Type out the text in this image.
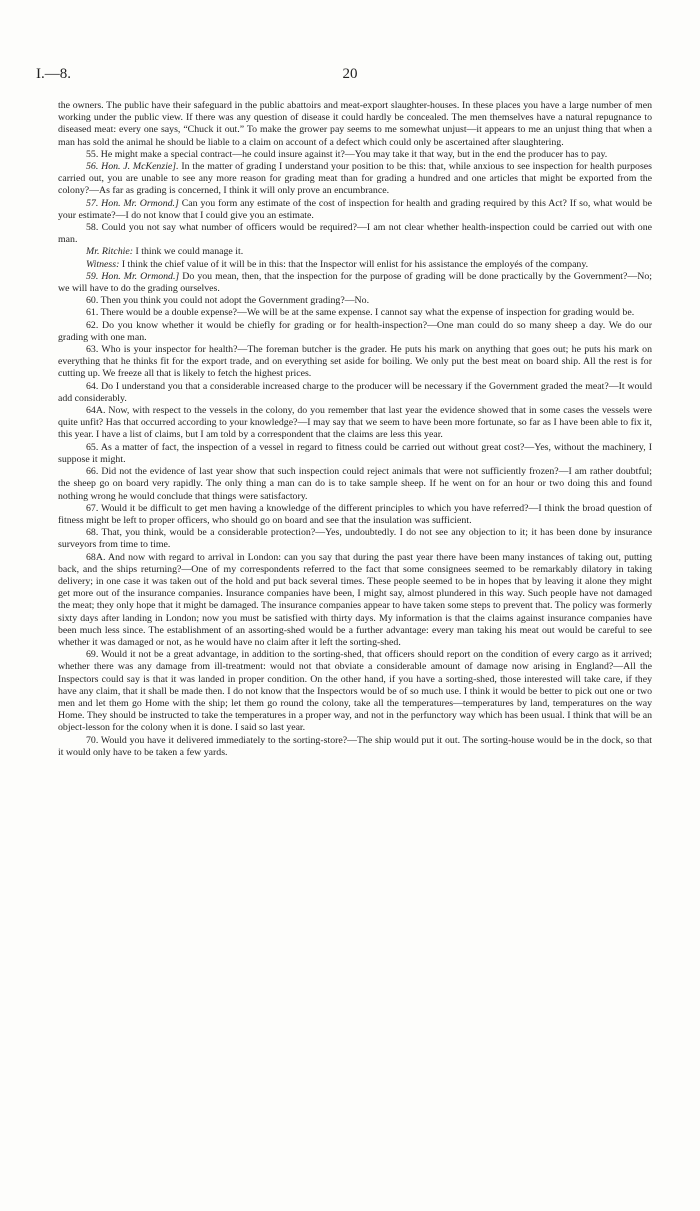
I.—8.	20

the owners. The public have their safeguard in the public abattoirs and meat-export slaughter-houses. In these places you have a large number of men working under the public view. If there was any question of disease it could hardly be concealed. The men themselves have a natural repugnance to diseased meat: every one says, “Chuck it out.” To make the grower pay seems to me somewhat unjust—it appears to me an unjust thing that when a man has sold the animal he should be liable to a claim on account of a defect which could only be ascertained after slaughtering.

55. He might make a special contract—he could insure against it?—You may take it that way, but in the end the producer has to pay.

56. Hon. J. McKenzie]. In the matter of grading I understand your position to be this: that, while anxious to see inspection for health purposes carried out, you are unable to see any more reason for grading meat than for grading a hundred and one articles that might be exported from the colony?—As far as grading is concerned, I think it will only prove an encumbrance.

57. Hon. Mr. Ormond.] Can you form any estimate of the cost of inspection for health and grading required by this Act? If so, what would be your estimate?—I do not know that I could give you an estimate.

58. Could you not say what number of officers would be required?—I am not clear whether health-inspection could be carried out with one man.

Mr. Ritchie: I think we could manage it.

Witness: I think the chief value of it will be in this: that the Inspector will enlist for his assistance the employés of the company.

59. Hon. Mr. Ormond.] Do you mean, then, that the inspection for the purpose of grading will be done practically by the Government?—No; we will have to do the grading ourselves.

60. Then you think you could not adopt the Government grading?—No.

61. There would be a double expense?—We will be at the same expense. I cannot say what the expense of inspection for grading would be.

62. Do you know whether it would be chiefly for grading or for health-inspection?—One man could do so many sheep a day. We do our grading with one man.

63. Who is your inspector for health?—The foreman butcher is the grader. He puts his mark on anything that goes out; he puts his mark on everything that he thinks fit for the export trade, and on everything set aside for boiling. We only put the best meat on board ship. All the rest is for cutting up. We freeze all that is likely to fetch the highest prices.

64. Do I understand you that a considerable increased charge to the producer will be necessary if the Government graded the meat?—It would add considerably.

64A. Now, with respect to the vessels in the colony, do you remember that last year the evidence showed that in some cases the vessels were quite unfit? Has that occurred according to your knowledge?—I may say that we seem to have been more fortunate, so far as I have been able to fix it, this year. I have a list of claims, but I am told by a correspondent that the claims are less this year.

65. As a matter of fact, the inspection of a vessel in regard to fitness could be carried out without great cost?—Yes, without the machinery, I suppose it might.

66. Did not the evidence of last year show that such inspection could reject animals that were not sufficiently frozen?—I am rather doubtful; the sheep go on board very rapidly. The only thing a man can do is to take sample sheep. If he went on for an hour or two doing this and found nothing wrong he would conclude that things were satisfactory.

67. Would it be difficult to get men having a knowledge of the different principles to which you have referred?—I think the broad question of fitness might be left to proper officers, who should go on board and see that the insulation was sufficient.

68. That, you think, would be a considerable protection?—Yes, undoubtedly. I do not see any objection to it; it has been done by insurance surveyors from time to time.

68A. And now with regard to arrival in London: can you say that during the past year there have been many instances of taking out, putting back, and the ships returning?—One of my correspondents referred to the fact that some consignees seemed to be remarkably dilatory in taking delivery; in one case it was taken out of the hold and put back several times. These people seemed to be in hopes that by leaving it alone they might get more out of the insurance companies. Insurance companies have been, I might say, almost plundered in this way. Such people have not damaged the meat; they only hope that it might be damaged. The insurance companies appear to have taken some steps to prevent that. The policy was formerly sixty days after landing in London; now you must be satisfied with thirty days. My information is that the claims against insurance companies have been much less since. The establishment of an assorting-shed would be a further advantage: every man taking his meat out would be careful to see whether it was damaged or not, as he would have no claim after it left the sorting-shed.

69. Would it not be a great advantage, in addition to the sorting-shed, that officers should report on the condition of every cargo as it arrived; whether there was any damage from ill-treatment: would not that obviate a considerable amount of damage now arising in England?—All the Inspectors could say is that it was landed in proper condition. On the other hand, if you have a sorting-shed, those interested will take care, if they have any claim, that it shall be made then. I do not know that the Inspectors would be of so much use. I think it would be better to pick out one or two men and let them go Home with the ship; let them go round the colony, take all the temperatures—temperatures by land, temperatures on the way Home. They should be instructed to take the temperatures in a proper way, and not in the perfunctory way which has been usual. I think that will be an object-lesson for the colony when it is done. I said so last year.

70. Would you have it delivered immediately to the sorting-store?—The ship would put it out. The sorting-house would be in the dock, so that it would only have to be taken a few yards.
